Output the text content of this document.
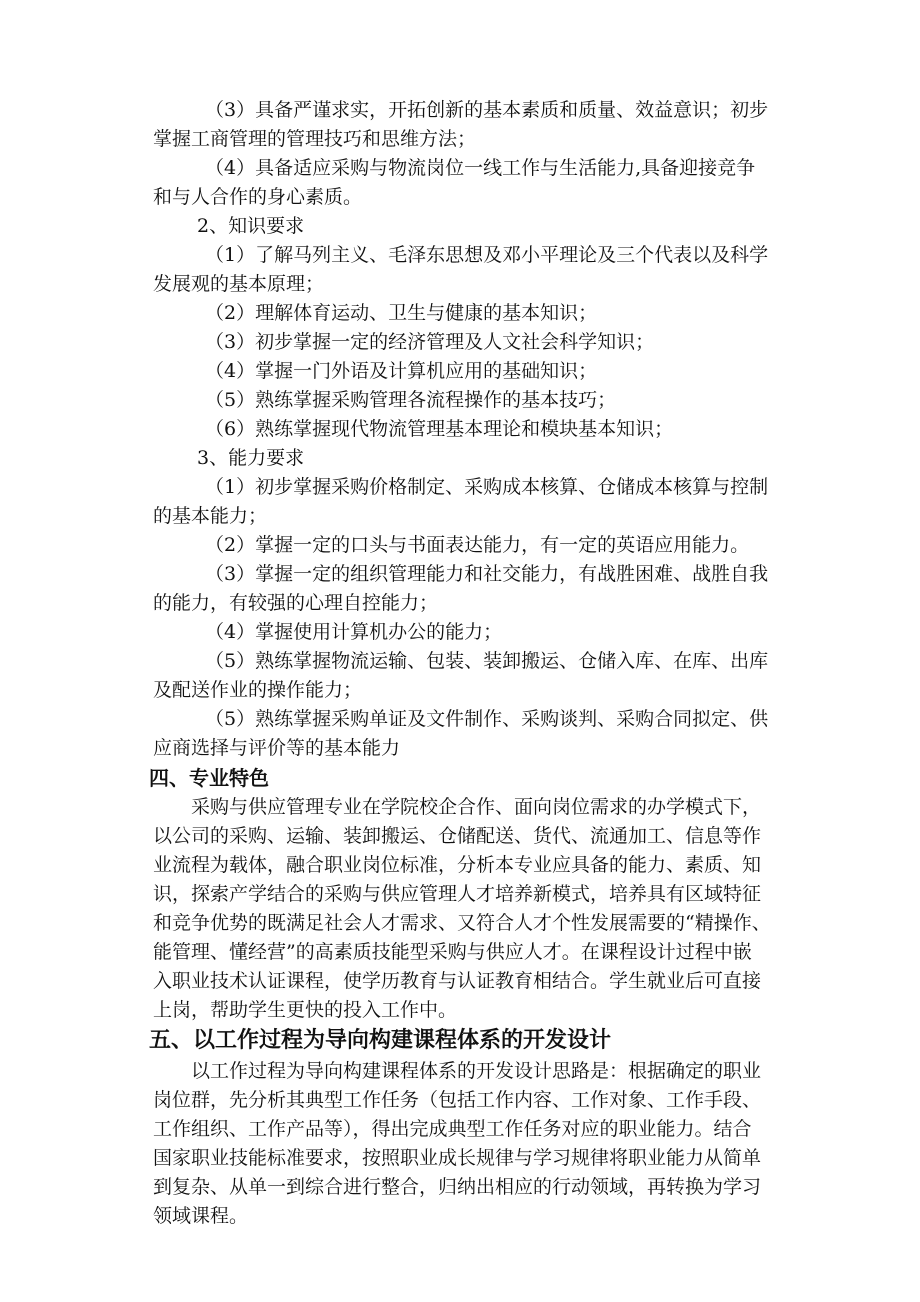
（3）具备严谨求实，开拓创新的基本素质和质量、效益意识；初步
掌握工商管理的管理技巧和思维方法；
（4）具备适应采购与物流岗位一线工作与生活能力,具备迎接竞争
和与人合作的身心素质。
2、知识要求
（1）了解马列主义、毛泽东思想及邓小平理论及三个代表以及科学
发展观的基本原理；
（2）理解体育运动、卫生与健康的基本知识；
（3）初步掌握一定的经济管理及人文社会科学知识；
（4）掌握一门外语及计算机应用的基础知识；
（5）熟练掌握采购管理各流程操作的基本技巧；
（6）熟练掌握现代物流管理基本理论和模块基本知识；
3、能力要求
（1）初步掌握采购价格制定、采购成本核算、仓储成本核算与控制
的基本能力；
（2）掌握一定的口头与书面表达能力，有一定的英语应用能力。
（3）掌握一定的组织管理能力和社交能力，有战胜困难、战胜自我
的能力，有较强的心理自控能力；
（4）掌握使用计算机办公的能力；
（5）熟练掌握物流运输、包装、装卸搬运、仓储入库、在库、出库
及配送作业的操作能力；
（5）熟练掌握采购单证及文件制作、采购谈判、采购合同拟定、供
应商选择与评价等的基本能力
四、专业特色
采购与供应管理专业在学院校企合作、面向岗位需求的办学模式下，
以公司的采购、运输、装卸搬运、仓储配送、货代、流通加工、信息等作
业流程为载体，融合职业岗位标准，分析本专业应具备的能力、素质、知
识，探索产学结合的采购与供应管理人才培养新模式，培养具有区域特征
和竞争优势的既满足社会人才需求、又符合人才个性发展需要的“精操作、
能管理、懂经营”的高素质技能型采购与供应人才。在课程设计过程中嵌
入职业技术认证课程，使学历教育与认证教育相结合。学生就业后可直接
上岗，帮助学生更快的投入工作中。
五、以工作过程为导向构建课程体系的开发设计
以工作过程为导向构建课程体系的开发设计思路是：根据确定的职业
岗位群，先分析其典型工作任务（包括工作内容、工作对象、工作手段、
工作组织、工作产品等），得出完成典型工作任务对应的职业能力。结合
国家职业技能标准要求，按照职业成长规律与学习规律将职业能力从简单
到复杂、从单一到综合进行整合，归纳出相应的行动领域，再转换为学习
领域课程。
